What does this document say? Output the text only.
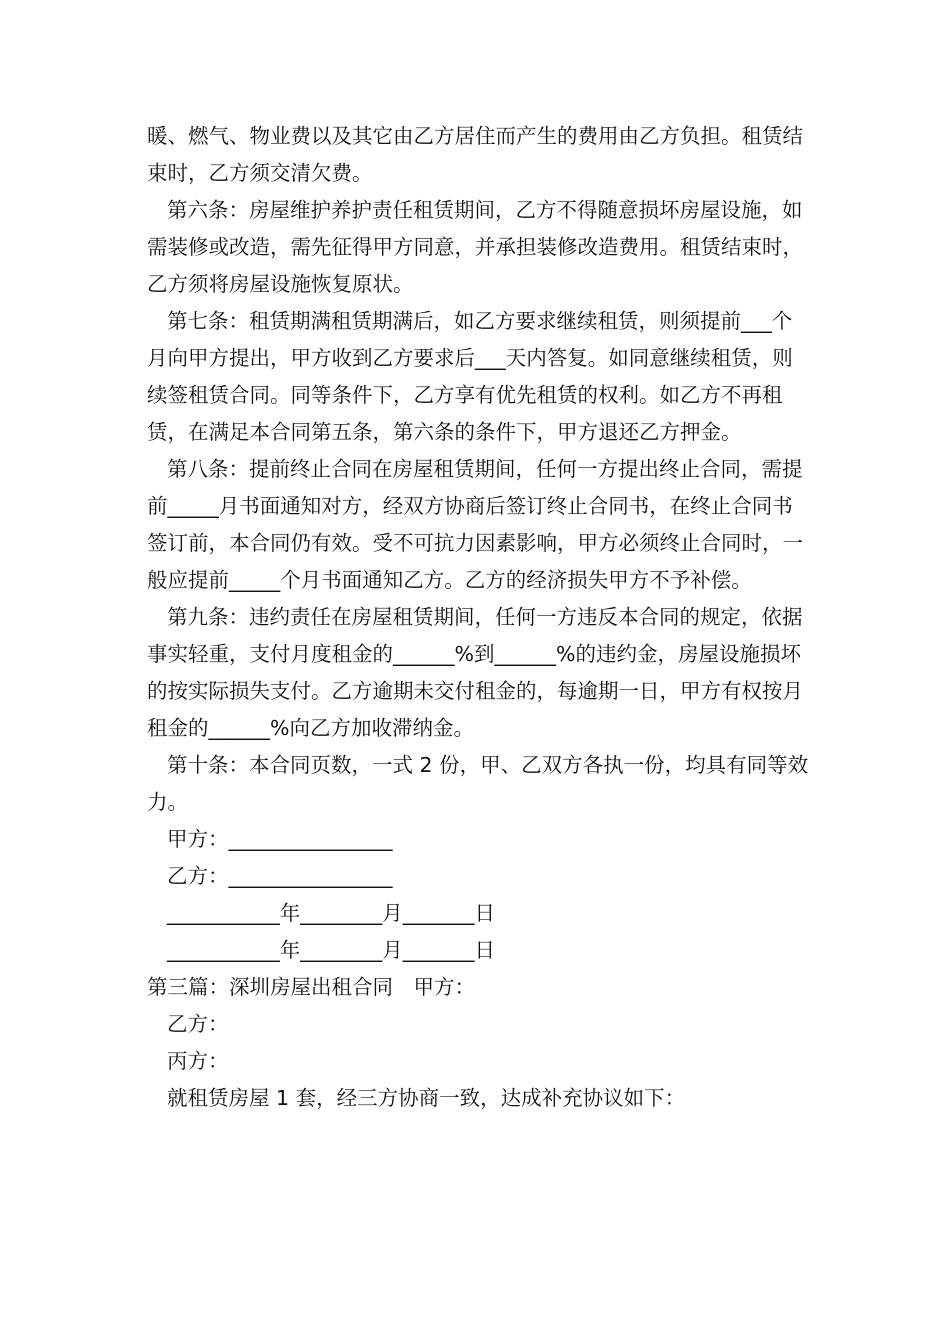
暖、燃气、物业费以及其它由乙方居住而产生的费用由乙方负担。租赁结束时，乙方须交清欠费。

第六条：房屋维护养护责任租赁期间，乙方不得随意损坏房屋设施，如需装修或改造，需先征得甲方同意，并承担装修改造费用。租赁结束时，乙方须将房屋设施恢复原状。

第七条：租赁期满租赁期满后，如乙方要求继续租赁，则须提前___个月向甲方提出，甲方收到乙方要求后___天内答复。如同意继续租赁，则续签租赁合同。同等条件下，乙方享有优先租赁的权利。如乙方不再租赁，在满足本合同第五条，第六条的条件下，甲方退还乙方押金。

第八条：提前终止合同在房屋租赁期间，任何一方提出终止合同，需提前_____月书面通知对方，经双方协商后签订终止合同书，在终止合同书签订前，本合同仍有效。受不可抗力因素影响，甲方必须终止合同时，一般应提前_____个月书面通知乙方。乙方的经济损失甲方不予补偿。

第九条：违约责任在房屋租赁期间，任何一方违反本合同的规定，依据事实轻重，支付月度租金的______%到______%的违约金，房屋设施损坏的按实际损失支付。乙方逾期未交付租金的，每逾期一日，甲方有权按月租金的______%向乙方加收滞纳金。

第十条：本合同页数，一式 2 份，甲、乙双方各执一份，均具有同等效力。

甲方：________________
乙方：________________
___________年________月_______日
___________年________月_______日
第三篇：深圳房屋出租合同　甲方：
乙方：
丙方：
就租赁房屋 1 套，经三方协商一致，达成补充协议如下：
